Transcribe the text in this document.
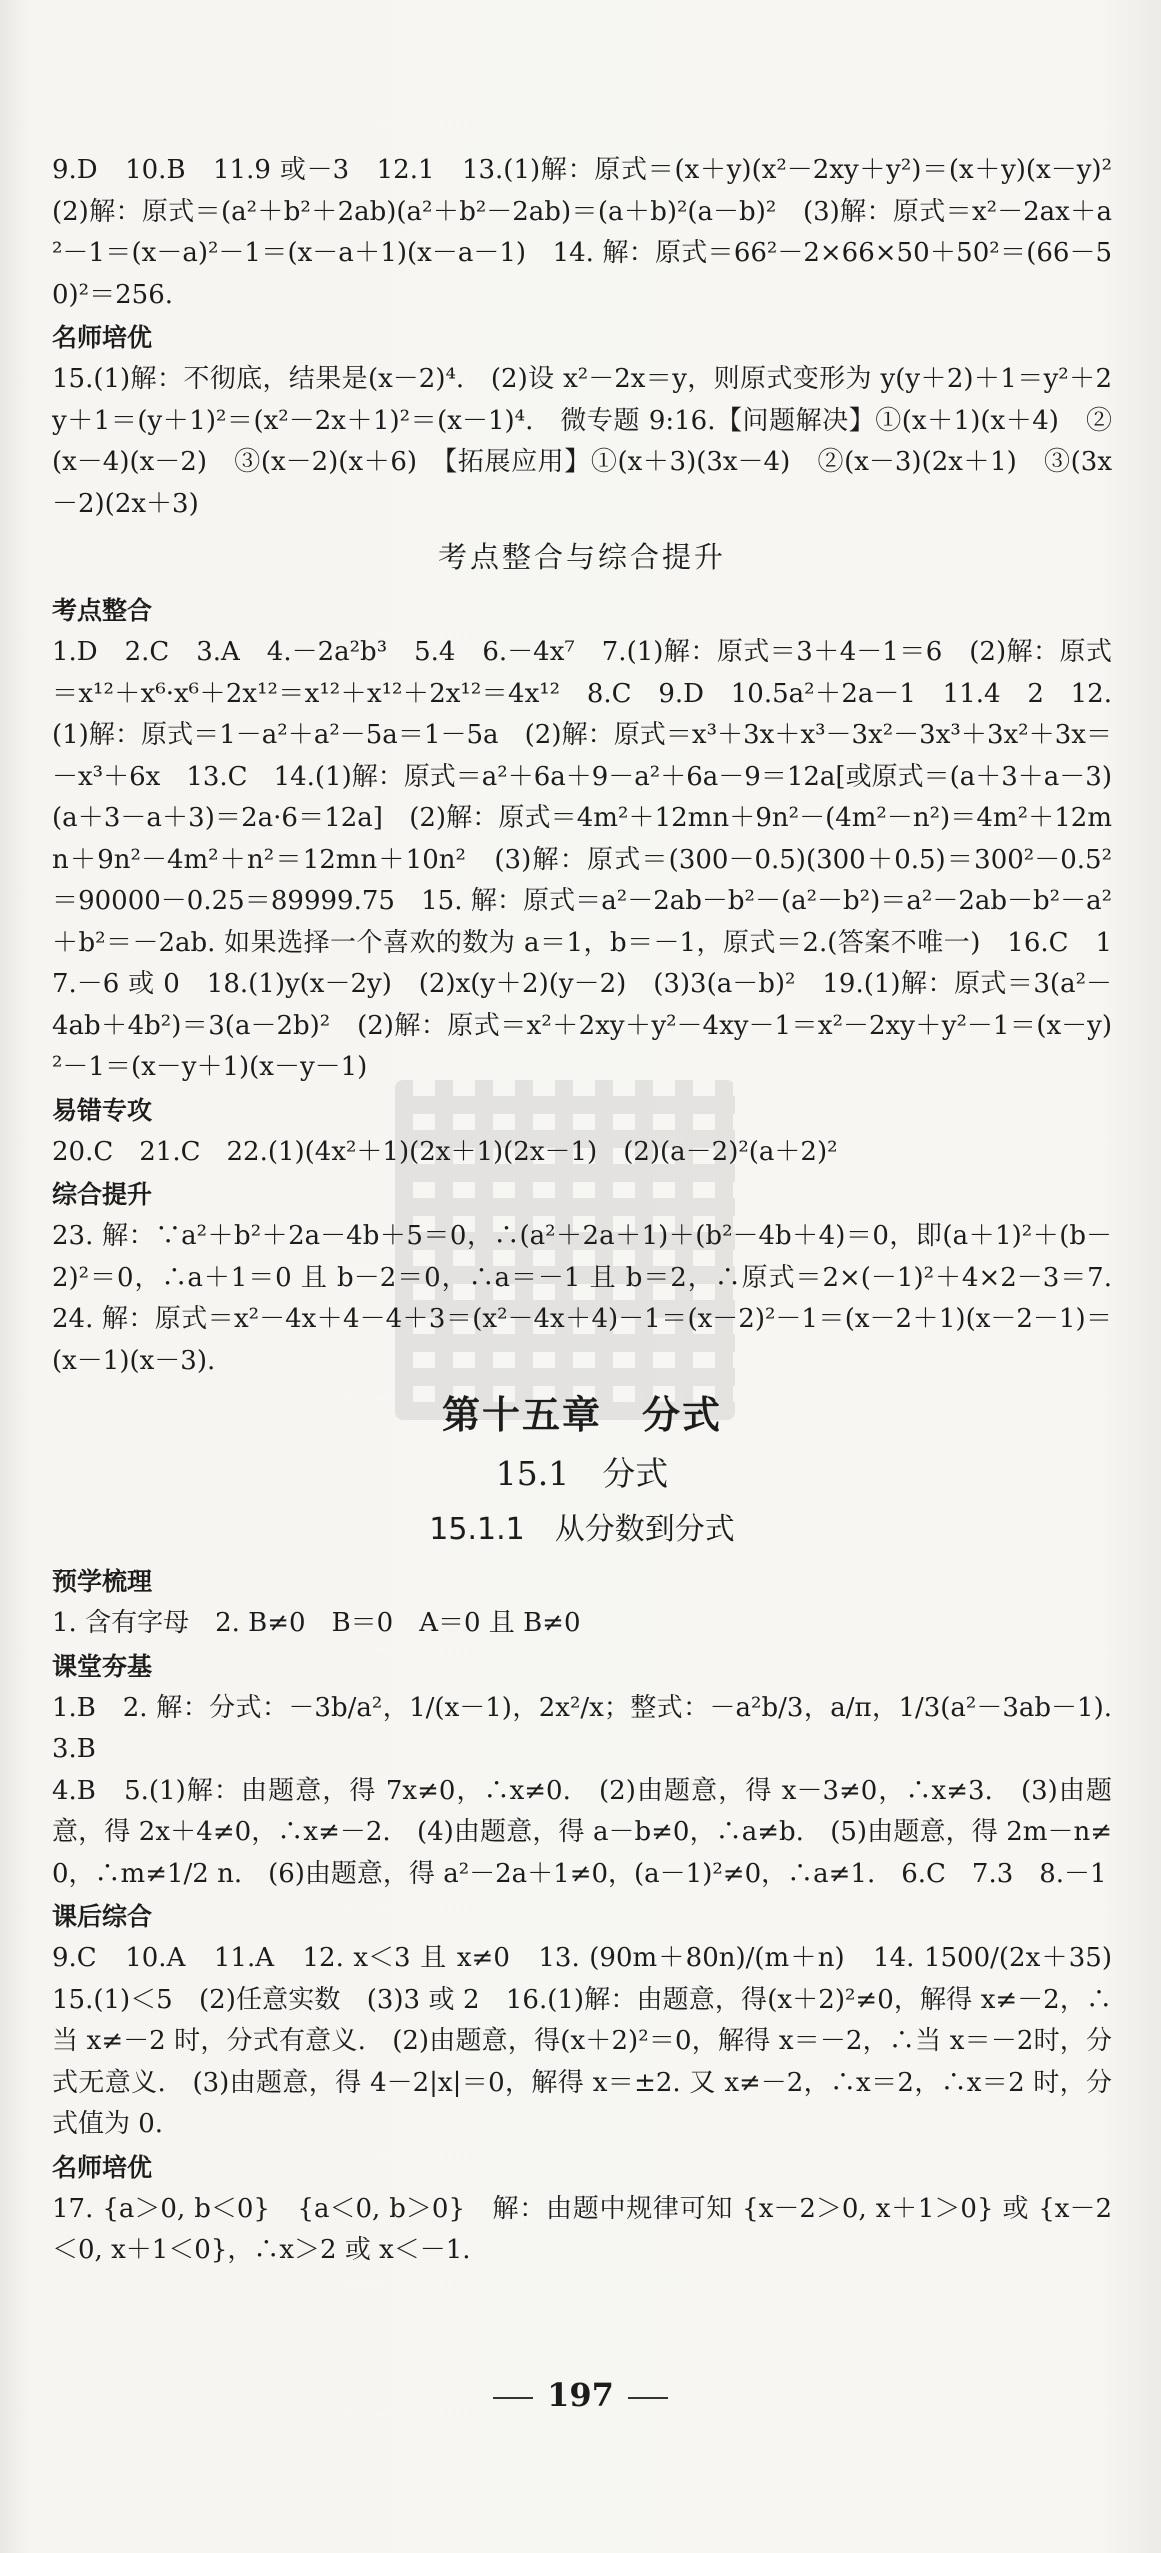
9.D　10.B　11.9 或－3　12.1　13.(1)解：原式＝(x＋y)(x²－2xy＋y²)＝(x＋y)(x－y)²　(2)解：原式＝(a²＋b²＋2ab)(a²＋b²－2ab)＝(a＋b)²(a－b)²　(3)解：原式＝x²－2ax＋a²－1＝(x－a)²－1＝(x－a＋1)(x－a－1)　14. 解：原式＝66²－2×66×50＋50²＝(66－50)²＝256.

名师培优

15.(1)解：不彻底，结果是(x－2)⁴.　(2)设 x²－2x＝y，则原式变形为 y(y＋2)＋1＝y²＋2y＋1＝(y＋1)²＝(x²－2x＋1)²＝(x－1)⁴.　微专题 9:16.【问题解决】①(x＋1)(x＋4)　②(x－4)(x－2)　③(x－2)(x＋6)　【拓展应用】①(x＋3)(3x－4)　②(x－3)(2x＋1)　③(3x－2)(2x＋3)

考点整合与综合提升

考点整合

1.D　2.C　3.A　4.－2a²b³　5.4　6.－4x⁷　7.(1)解：原式＝3＋4－1＝6　(2)解：原式＝x¹²＋x⁶·x⁶＋2x¹²＝x¹²＋x¹²＋2x¹²＝4x¹²　8.C　9.D　10.5a²＋2a－1　11.4　2　12.(1)解：原式＝1－a²＋a²－5a＝1－5a　(2)解：原式＝x³＋3x＋x³－3x²－3x³＋3x²＋3x＝－x³＋6x　13.C　14.(1)解：原式＝a²＋6a＋9－a²＋6a－9＝12a[或原式＝(a＋3＋a－3)(a＋3－a＋3)＝2a·6＝12a]　(2)解：原式＝4m²＋12mn＋9n²－(4m²－n²)＝4m²＋12mn＋9n²－4m²＋n²＝12mn＋10n²　(3)解：原式＝(300－0.5)(300＋0.5)＝300²－0.5²＝90000－0.25＝89999.75　15. 解：原式＝a²－2ab－b²－(a²－b²)＝a²－2ab－b²－a²＋b²＝－2ab. 如果选择一个喜欢的数为 a＝1，b＝－1，原式＝2.(答案不唯一)　16.C　17.－6 或 0　18.(1)y(x－2y)　(2)x(y＋2)(y－2)　(3)3(a－b)²　19.(1)解：原式＝3(a²－4ab＋4b²)＝3(a－2b)²　(2)解：原式＝x²＋2xy＋y²－4xy－1＝x²－2xy＋y²－1＝(x－y)²－1＝(x－y＋1)(x－y－1)

易错专攻

20.C　21.C　22.(1)(4x²＋1)(2x＋1)(2x－1)　(2)(a－2)²(a＋2)²

综合提升

23. 解：∵a²＋b²＋2a－4b＋5＝0，∴(a²＋2a＋1)＋(b²－4b＋4)＝0，即(a＋1)²＋(b－2)²＝0，∴a＋1＝0 且 b－2＝0，∴a＝－1 且 b＝2，∴原式＝2×(－1)²＋4×2－3＝7.　24. 解：原式＝x²－4x＋4－4＋3＝(x²－4x＋4)－1＝(x－2)²－1＝(x－2＋1)(x－2－1)＝(x－1)(x－3).

第十五章　分式

15.1　分式

15.1.1　从分数到分式

预学梳理

1. 含有字母　2. B≠0　B＝0　A＝0 且 B≠0

课堂夯基

1.B　2. 解：分式：－3b/a²，1/(x－1)，2x²/x；整式：－a²b/3，a/π，1/3(a²－3ab－1).　3.B

4.B　5.(1)解：由题意，得 7x≠0，∴x≠0.　(2)由题意，得 x－3≠0，∴x≠3.　(3)由题意，得 2x＋4≠0，∴x≠－2.　(4)由题意，得 a－b≠0，∴a≠b.　(5)由题意，得 2m－n≠0，∴m≠1/2 n.　(6)由题意，得 a²－2a＋1≠0，(a－1)²≠0，∴a≠1.　6.C　7.3　8.－1

课后综合

9.C　10.A　11.A　12. x＜3 且 x≠0　13. (90m＋80n)/(m＋n)　14. 1500/(2x＋35)　15.(1)＜5　(2)任意实数　(3)3 或 2　16.(1)解：由题意，得(x＋2)²≠0，解得 x≠－2，∴当 x≠－2 时，分式有意义.　(2)由题意，得(x＋2)²＝0，解得 x＝－2，∴当 x＝－2时，分式无意义.　(3)由题意，得 4－2|x|＝0，解得 x＝±2. 又 x≠－2，∴x＝2，∴x＝2 时，分式值为 0.

名师培优

17. {a＞0, b＜0}　{a＜0, b＞0}　解：由题中规律可知 {x－2＞0, x＋1＞0} 或 {x－2＜0, x＋1＜0}，∴x＞2 或 x＜－1.

197
